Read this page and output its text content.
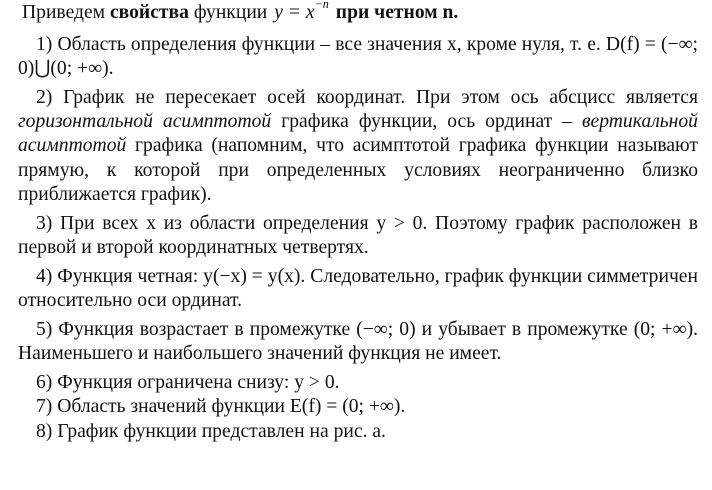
Приведем свойства функции $y = x^{-n}$ при четном n.

1) Область определения функции – все значения x, кроме нуля, т. е. D(f) = (−∞; 0)⋃(0; +∞).

2) График не пересекает осей координат. При этом ось абсцисс является горизонтальной асимптотой графика функции, ось ординат – вертикальной асимптотой графика (напомним, что асимптотой графика функции называют прямую, к которой при определенных условиях неограниченно близко приближается график).

3) При всех x из области определения y > 0. Поэтому график расположен в первой и второй координатных четвертях.

4) Функция четная: y(−x) = y(x). Следовательно, график функции симметричен относительно оси ординат.

5) Функция возрастает в промежутке (−∞; 0) и убывает в промежутке (0; +∞). Наименьшего и наибольшего значений функция не имеет.

6) Функция ограничена снизу: y > 0.

7) Область значений функции E(f) = (0; +∞).

8) График функции представлен на рис. a.
